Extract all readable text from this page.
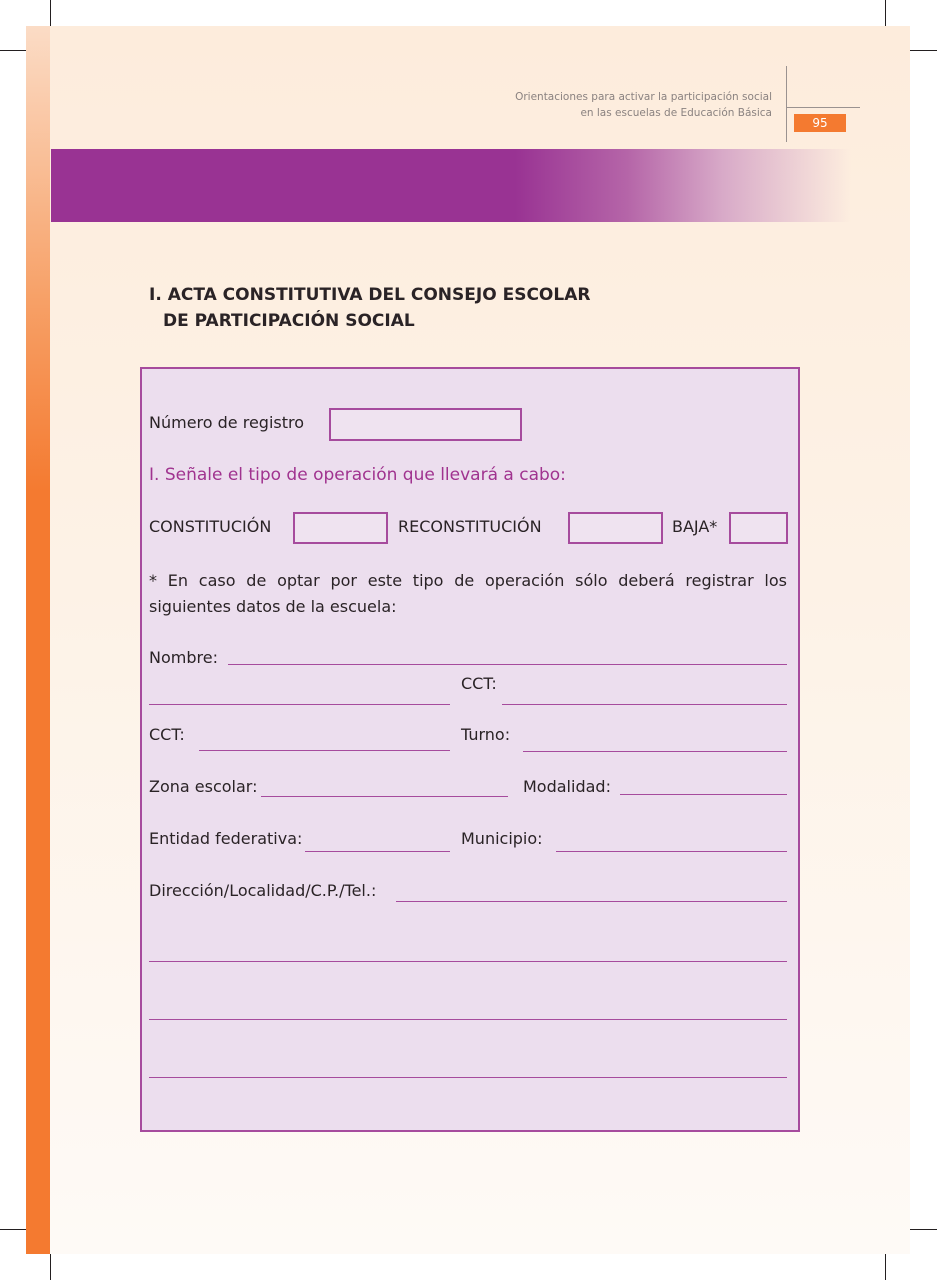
Orientaciones para activar la participación social
en las escuelas de Educación Básica
95
I. ACTA CONSTITUTIVA DEL CONSEJO ESCOLAR
DE PARTICIPACIÓN SOCIAL
Número de registro
I. Señale el tipo de operación que llevará a cabo:
CONSTITUCIÓN	RECONSTITUCIÓN	BAJA*
* En caso de optar por este tipo de operación sólo deberá registrar los siguientes datos de la escuela:
Nombre:
CCT:
CCT:	Turno:
Zona escolar:	Modalidad:
Entidad federativa:	Municipio:
Dirección/Localidad/C.P./Tel.:
